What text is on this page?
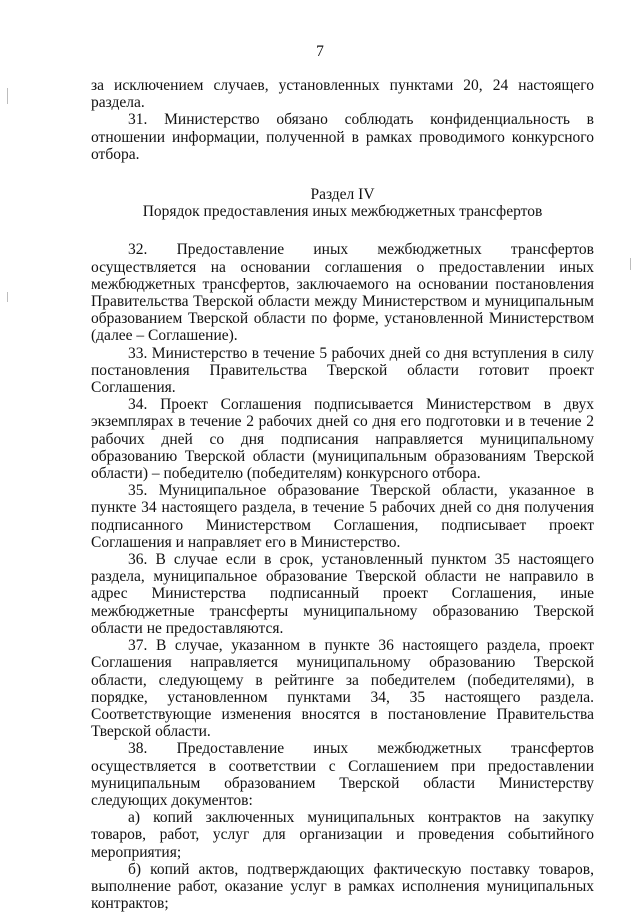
7

за исключением случаев, установленных пунктами 20, 24 настоящего раздела.

31. Министерство обязано соблюдать конфиденциальность в отношении информации, полученной в рамках проводимого конкурсного отбора.

Раздел IV

Порядок предоставления иных межбюджетных трансфертов

32. Предоставление иных межбюджетных трансфертов осуществляется на основании соглашения о предоставлении иных межбюджетных трансфертов, заключаемого на основании постановления Правительства Тверской области между Министерством и муниципальным образованием Тверской области по форме, установленной Министерством (далее – Соглашение).

33. Министерство в течение 5 рабочих дней со дня вступления в силу постановления Правительства Тверской области готовит проект Соглашения.

34. Проект Соглашения подписывается Министерством в двух экземплярах в течение 2 рабочих дней со дня его подготовки и в течение 2 рабочих дней со дня подписания направляется муниципальному образованию Тверской области (муниципальным образованиям Тверской области) – победителю (победителям) конкурсного отбора.

35. Муниципальное образование Тверской области, указанное в пункте 34 настоящего раздела, в течение 5 рабочих дней со дня получения подписанного Министерством Соглашения, подписывает проект Соглашения и направляет его в Министерство.

36. В случае если в срок, установленный пунктом 35 настоящего раздела, муниципальное образование Тверской области не направило в адрес Министерства подписанный проект Соглашения, иные межбюджетные трансферты муниципальному образованию Тверской области не предоставляются.

37. В случае, указанном в пункте 36 настоящего раздела, проект Соглашения направляется муниципальному образованию Тверской области, следующему в рейтинге за победителем (победителями), в порядке, установленном пунктами 34, 35 настоящего раздела. Соответствующие изменения вносятся в постановление Правительства Тверской области.

38. Предоставление иных межбюджетных трансфертов осуществляется в соответствии с Соглашением при предоставлении муниципальным образованием Тверской области Министерству следующих документов:

а) копий заключенных муниципальных контрактов на закупку товаров, работ, услуг для организации и проведения событийного мероприятия;

б) копий актов, подтверждающих фактическую поставку товаров, выполнение работ, оказание услуг в рамках исполнения муниципальных контрактов;
